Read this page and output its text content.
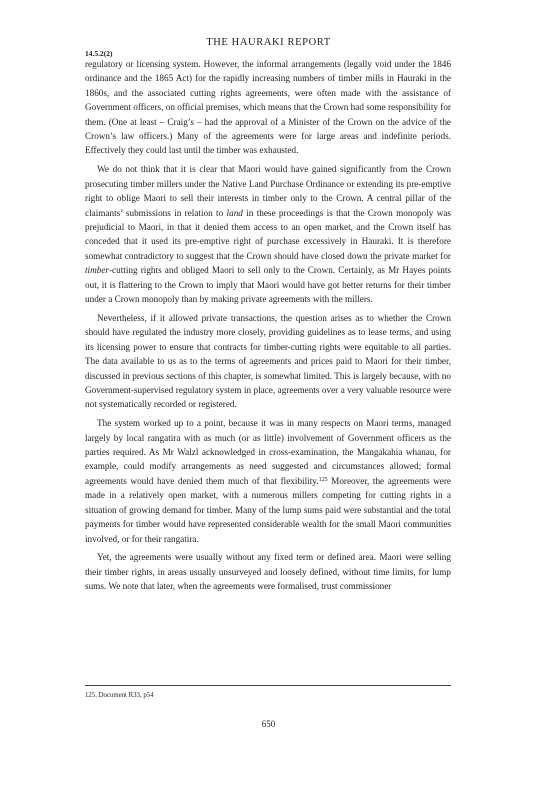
THE HAURAKI REPORT
14.5.2(2)

regulatory or licensing system. However, the informal arrangements (legally void under the 1846 ordinance and the 1865 Act) for the rapidly increasing numbers of timber mills in Hauraki in the 1860s, and the associated cutting rights agreements, were often made with the assistance of Government officers, on official premises, which means that the Crown had some responsibility for them. (One at least – Craig’s – had the approval of a Minister of the Crown on the advice of the Crown’s law officers.) Many of the agreements were for large areas and indefinite periods. Effectively they could last until the timber was exhausted.

We do not think that it is clear that Maori would have gained significantly from the Crown prosecuting timber millers under the Native Land Purchase Ordinance or extending its pre-emptive right to oblige Maori to sell their interests in timber only to the Crown. A central pillar of the claimants’ submissions in relation to land in these proceedings is that the Crown monopoly was prejudicial to Maori, in that it denied them access to an open market, and the Crown itself has conceded that it used its pre-emptive right of purchase excessively in Hauraki. It is therefore somewhat contradictory to suggest that the Crown should have closed down the private market for timber-cutting rights and obliged Maori to sell only to the Crown. Certainly, as Mr Hayes points out, it is flattering to the Crown to imply that Maori would have got better returns for their timber under a Crown monopoly than by making private agreements with the millers.

Nevertheless, if it allowed private transactions, the question arises as to whether the Crown should have regulated the industry more closely, providing guidelines as to lease terms, and using its licensing power to ensure that contracts for timber-cutting rights were equitable to all parties. The data available to us as to the terms of agreements and prices paid to Maori for their timber, discussed in previous sections of this chapter, is somewhat limited. This is largely because, with no Government-supervised regulatory system in place, agreements over a very valuable resource were not systematically recorded or registered.

The system worked up to a point, because it was in many respects on Maori terms, managed largely by local rangatira with as much (or as little) involvement of Government officers as the parties required. As Mr Walzl acknowledged in cross-examination, the Mangakahia whanau, for example, could modify arrangements as need suggested and circumstances allowed; formal agreements would have denied them much of that flexibility.$^{125}$ Moreover, the agreements were made in a relatively open market, with a numerous millers competing for cutting rights in a situation of growing demand for timber. Many of the lump sums paid were substantial and the total payments for timber would have represented considerable wealth for the small Maori communities involved, or for their rangatira.

Yet, the agreements were usually without any fixed term or defined area. Maori were selling their timber rights, in areas usually unsurveyed and loosely defined, without time limits, for lump sums. We note that later, when the agreements were formalised, trust commissioner

125. Document R33, p54
650
